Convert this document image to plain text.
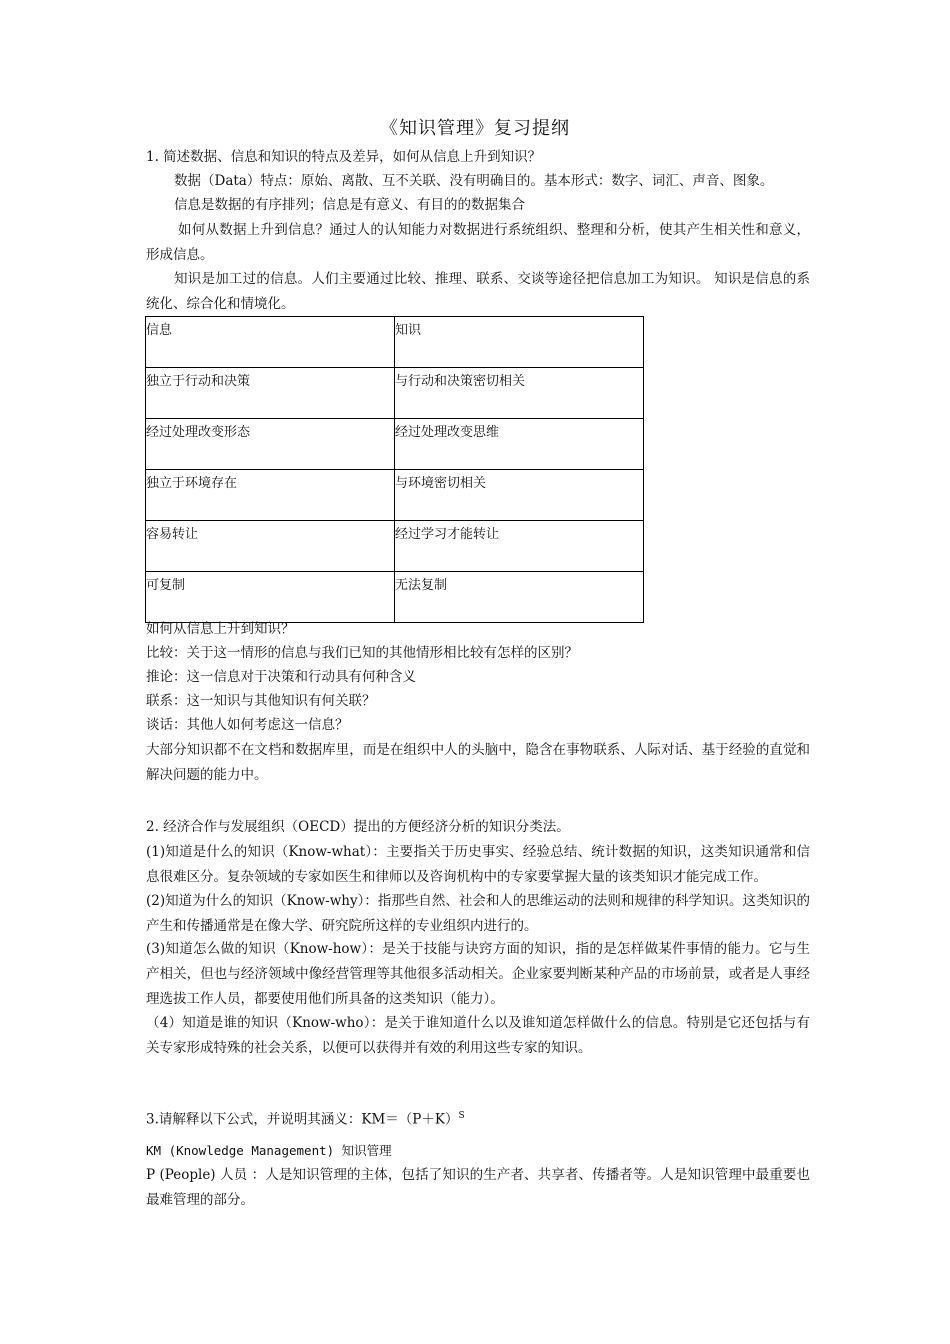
《知识管理》复习提纲

1. 简述数据、信息和知识的特点及差异，如何从信息上升到知识？

数据（Data）特点：原始、离散、互不关联、没有明确目的。基本形式：数字、词汇、声音、图象。

信息是数据的有序排列；信息是有意义、有目的的数据集合

如何从数据上升到信息？通过人的认知能力对数据进行系统组织、整理和分析，使其产生相关性和意义，形成信息。

知识是加工过的信息。人们主要通过比较、推理、联系、交谈等途径把信息加工为知识。 知识是信息的系统化、综合化和情境化。

信息	知识
独立于行动和决策	与行动和决策密切相关
经过处理改变形态	经过处理改变思维
独立于环境存在	与环境密切相关
容易转让	经过学习才能转让
可复制	无法复制

如何从信息上升到知识？

比较：关于这一情形的信息与我们已知的其他情形相比较有怎样的区别？

推论：这一信息对于决策和行动具有何种含义

联系：这一知识与其他知识有何关联？

谈话：其他人如何考虑这一信息？

大部分知识都不在文档和数据库里，而是在组织中人的头脑中，隐含在事物联系、人际对话、基于经验的直觉和解决问题的能力中。

2. 经济合作与发展组织（OECD）提出的方便经济分析的知识分类法。

(1)知道是什么的知识（Know-what）：主要指关于历史事实、经验总结、统计数据的知识，这类知识通常和信息很难区分。复杂领域的专家如医生和律师以及咨询机构中的专家要掌握大量的该类知识才能完成工作。

(2)知道为什么的知识（Know-why）：指那些自然、社会和人的思维运动的法则和规律的科学知识。这类知识的产生和传播通常是在像大学、研究院所这样的专业组织内进行的。

(3)知道怎么做的知识（Know-how）：是关于技能与诀窍方面的知识，指的是怎样做某件事情的能力。它与生产相关，但也与经济领域中像经营管理等其他很多活动相关。企业家要判断某种产品的市场前景，或者是人事经理选拔工作人员，都要使用他们所具备的这类知识（能力）。

（4）知道是谁的知识（Know-who）：是关于谁知道什么以及谁知道怎样做什么的信息。特别是它还包括与有关专家形成特殊的社会关系，以便可以获得并有效的利用这些专家的知识。

3.请解释以下公式，并说明其涵义：$KM=(P+K)^S$

KM (Knowledge Management) 知识管理

P (People) 人员 ：人是知识管理的主体，包括了知识的生产者、共享者、传播者等。人是知识管理中最重要也最难管理的部分。
